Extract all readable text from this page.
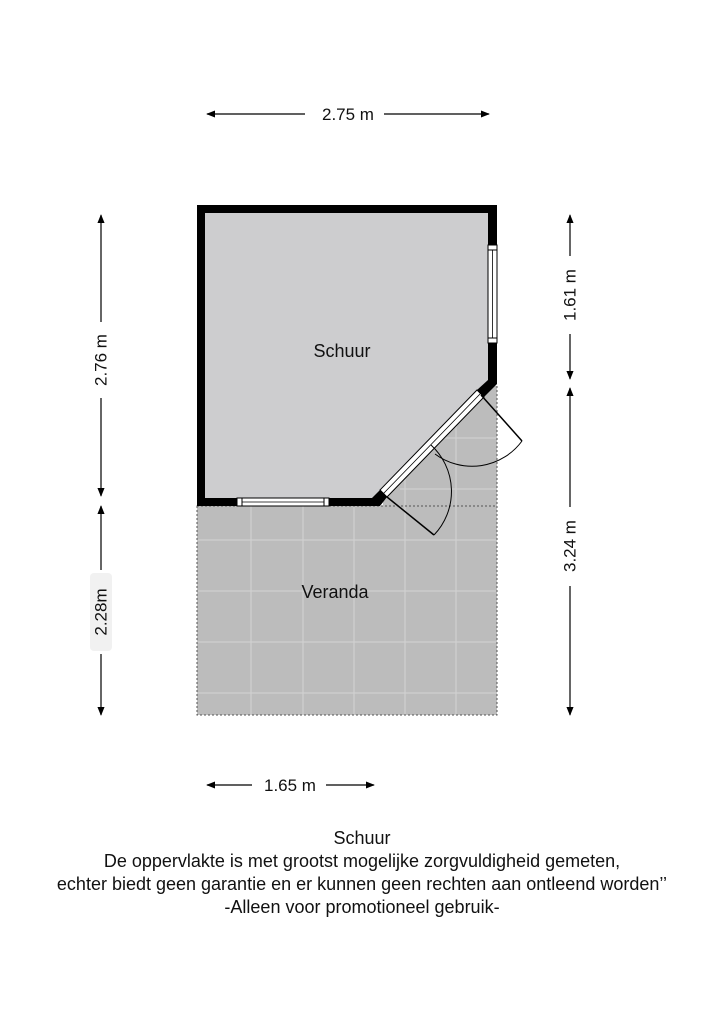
Schuur
Veranda
2.75 m
1.65 m
2.76 m
2.28m
1.61 m
3.24 m
Schuur
De oppervlakte is met grootst mogelijke zorgvuldigheid gemeten,
echter biedt geen garantie en er kunnen geen rechten aan ontleend worden’’
-Alleen voor promotioneel gebruik-
